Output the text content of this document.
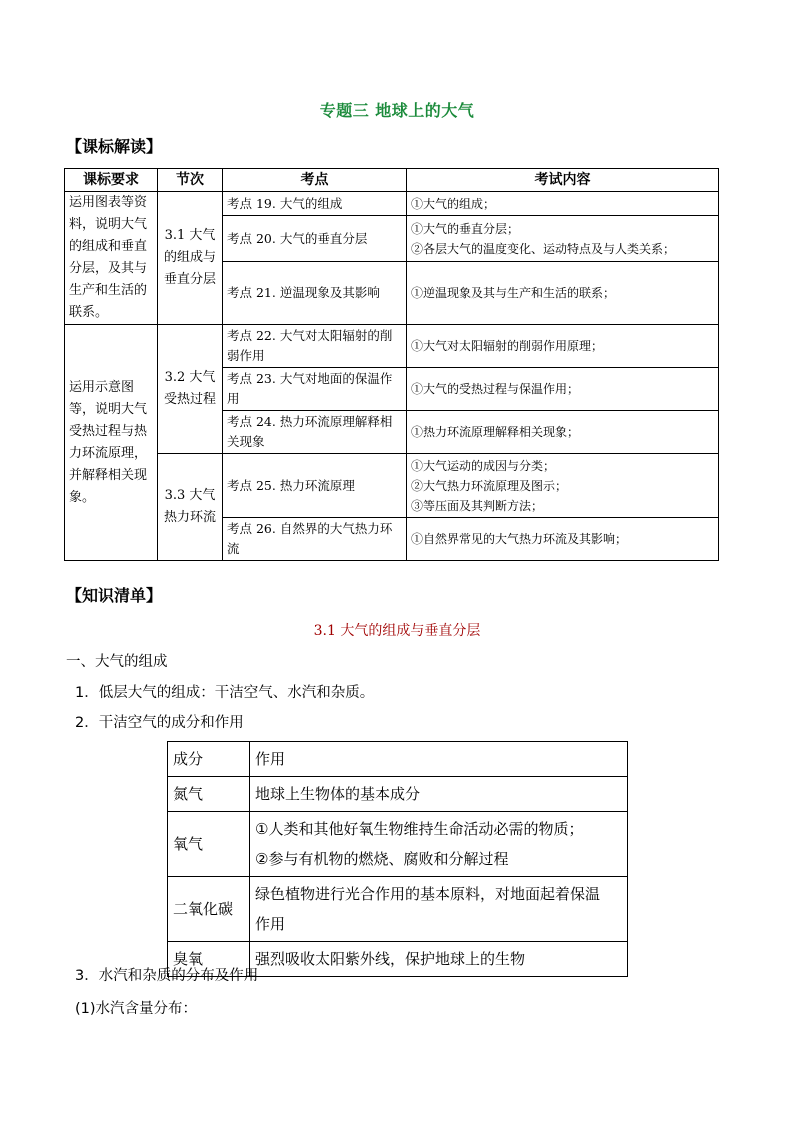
专题三 地球上的大气
【课标解读】
课标要求	节次	考点	考试内容
运用图表等资料，说明大气的组成和垂直分层，及其与生产和生活的联系。	3.1 大气的组成与垂直分层	考点 19. 大气的组成	①大气的组成；

		考点 20. 大气的垂直分层	①大气的垂直分层；
②各层大气的温度变化、运动特点及与人类关系；

		考点 21. 逆温现象及其影响	①逆温现象及其与生产和生活的联系；

运用示意图等，说明大气受热过程与热力环流原理，并解释相关现象。	3.2 大气受热过程	考点 22. 大气对太阳辐射的削弱作用	①大气对太阳辐射的削弱作用原理；

		考点 23. 大气对地面的保温作用	①大气的受热过程与保温作用；

		考点 24. 热力环流原理解释相关现象	①热力环流原理解释相关现象；

	3.3 大气热力环流	考点 25. 热力环流原理	①大气运动的成因与分类；
②大气热力环流原理及图示；
③等压面及其判断方法；

		考点 26. 自然界的大气热力环流	①自然界常见的大气热力环流及其影响；
【知识清单】
3.1 大气的组成与垂直分层
一、大气的组成
1．低层大气的组成：干洁空气、水汽和杂质。
2．干洁空气的成分和作用
成分	作用
氮气	地球上生物体的基本成分

氧气	①人类和其他好氧生物维持生命活动必需的物质；
②参与有机物的燃烧、腐败和分解过程

二氧化碳	绿色植物进行光合作用的基本原料，对地面起着保温
作用

臭氧	强烈吸收太阳紫外线，保护地球上的生物
3．水汽和杂质的分布及作用
(1)水汽含量分布：
